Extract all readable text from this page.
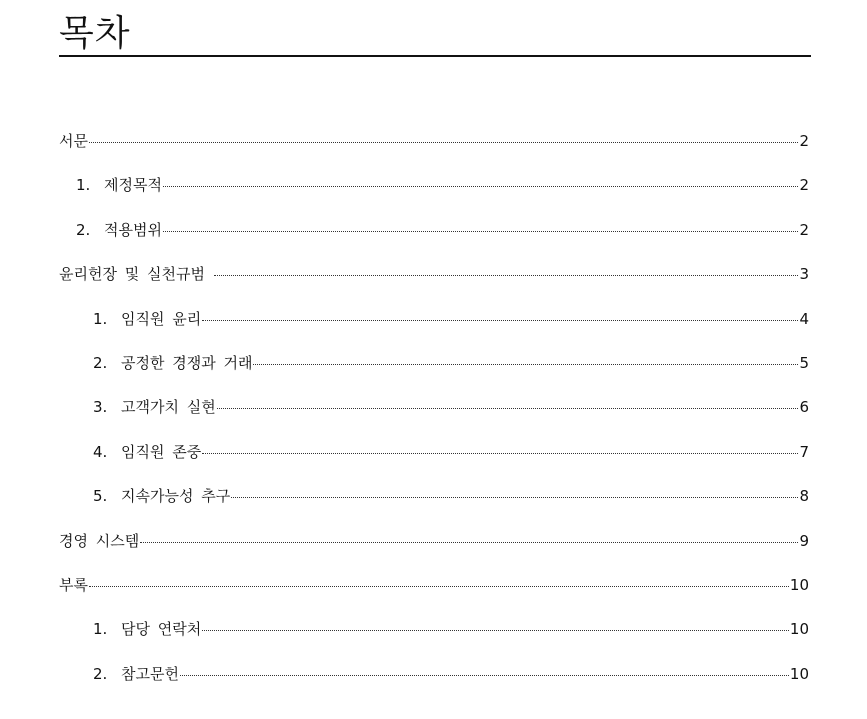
목차
서문	2
1. 제정목적	2
2. 적용범위	2
윤리헌장 및 실천규범	3
1. 임직원 윤리	4
2. 공정한 경쟁과 거래	5
3. 고객가치 실현	6
4. 임직원 존중	7
5. 지속가능성 추구	8
경영 시스템	9
부록	10
1. 담당 연락처	10
2. 참고문헌	10
